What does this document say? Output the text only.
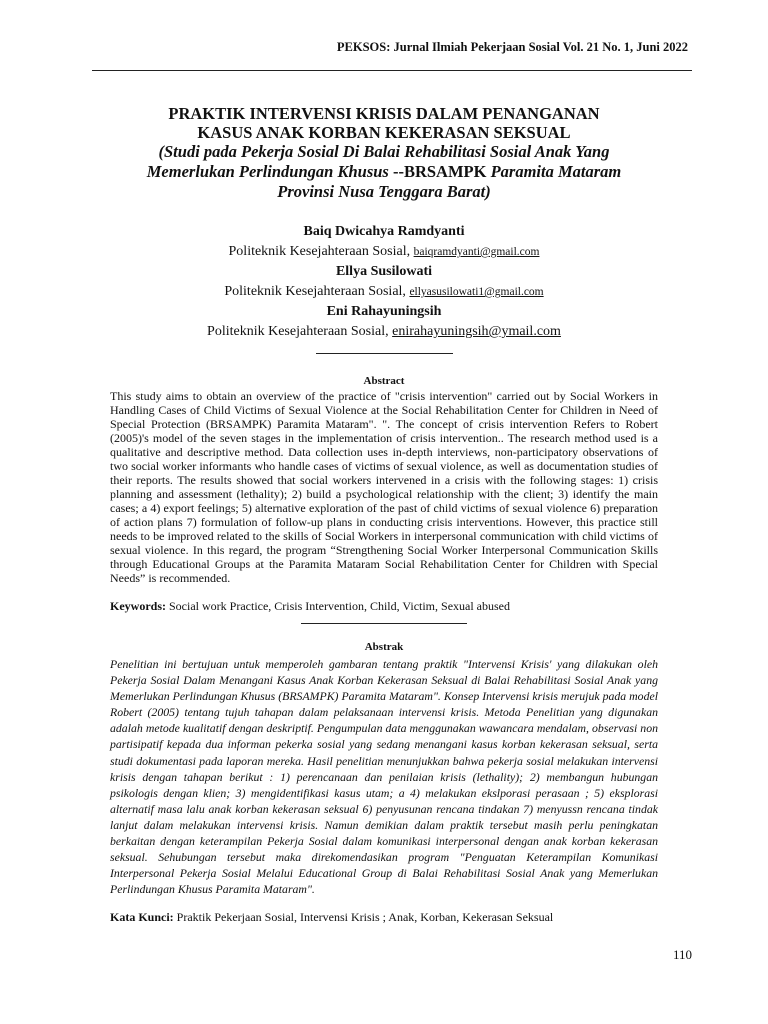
PEKSOS: Jurnal Ilmiah Pekerjaan Sosial Vol. 21 No. 1, Juni 2022

PRAKTIK INTERVENSI KRISIS DALAM PENANGANAN

KASUS ANAK KORBAN KEKERASAN SEKSUAL

(Studi pada Pekerja Sosial Di Balai Rehabilitasi Sosial Anak Yang

Memerlukan Perlindungan Khusus --BRSAMPK Paramita Mataram

Provinsi Nusa Tenggara Barat)

Baiq Dwicahya Ramdyanti
Politeknik Kesejahteraan Sosial, baiqramdyanti@gmail.com
Ellya Susilowati
Politeknik Kesejahteraan Sosial, ellyasusilowati1@gmail.com
Eni Rahayuningsih
Politeknik Kesejahteraan Sosial, enirahayuningsih@ymail.com
Abstract
This study aims to obtain an overview of the practice of "crisis intervention" carried out by Social Workers in Handling Cases of Child Victims of Sexual Violence at the Social Rehabilitation Center for Children in Need of Special Protection (BRSAMPK) Paramita Mataram". ". The concept of crisis intervention Refers to Robert (2005)'s model of the seven stages in the implementation of crisis intervention.. The research method used is a qualitative and descriptive method. Data collection uses in-depth interviews, non-participatory observations of two social worker informants who handle cases of victims of sexual violence, as well as documentation studies of their reports. The results showed that social workers intervened in a crisis with the following stages: 1) crisis planning and assessment (lethality); 2) build a psychological relationship with the client; 3) identify the main cases; a 4) export feelings; 5) alternative exploration of the past of child victims of sexual violence 6) preparation of action plans 7) formulation of follow-up plans in conducting crisis interventions. However, this practice still needs to be improved related to the skills of Social Workers in interpersonal communication with child victims of sexual violence. In this regard, the program “Strengthening Social Worker Interpersonal Communication Skills through Educational Groups at the Paramita Mataram Social Rehabilitation Center for Children with Special Needs” is recommended.
Keywords: Social work Practice, Crisis Intervention, Child, Victim, Sexual abused
Abstrak
Penelitian ini bertujuan untuk memperoleh gambaran tentang praktik "Intervensi Krisis' yang dilakukan oleh Pekerja Sosial Dalam Menangani Kasus Anak Korban Kekerasan Seksual di Balai Rehabilitasi Sosial Anak yang Memerlukan Perlindungan Khusus (BRSAMPK) Paramita Mataram". Konsep Intervensi krisis merujuk pada model Robert (2005) tentang tujuh tahapan dalam pelaksanaan intervensi krisis. Metoda Penelitian yang digunakan adalah metode kualitatif dengan deskriptif. Pengumpulan data menggunakan wawancara mendalam, observasi non partisipatif kepada dua informan pekerka sosial yang sedang menangani kasus korban kekerasan seksual, serta studi dokumentasi pada laporan mereka. Hasil penelitian menunjukkan bahwa pekerja sosial melakukan intervensi krisis dengan tahapan berikut : 1) perencanaan dan penilaian krisis (lethality); 2) membangun hubungan psikologis dengan klien; 3) mengidentifikasi kasus utam; a 4) melakukan ekslporasi perasaan ; 5) eksplorasi alternatif masa lalu anak korban kekerasan seksual 6) penyusunan rencana tindakan 7) menyussn rencana tindak lanjut dalam melakukan intervensi krisis. Namun demikian dalam praktik tersebut masih perlu peningkatan berkaitan dengan keterampilan Pekerja Sosial dalam komunikasi interpersonal dengan anak korban kekerasan seksual. Sehubungan tersebut maka direkomendasikan program "Penguatan Keterampilan Komunikasi Interpersonal Pekerja Sosial Melalui Educational Group di Balai Rehabilitasi Sosial Anak yang Memerlukan Perlindungan Khusus Paramita Mataram".
Kata Kunci: Praktik Pekerjaan Sosial, Intervensi Krisis ; Anak, Korban, Kekerasan Seksual
110
